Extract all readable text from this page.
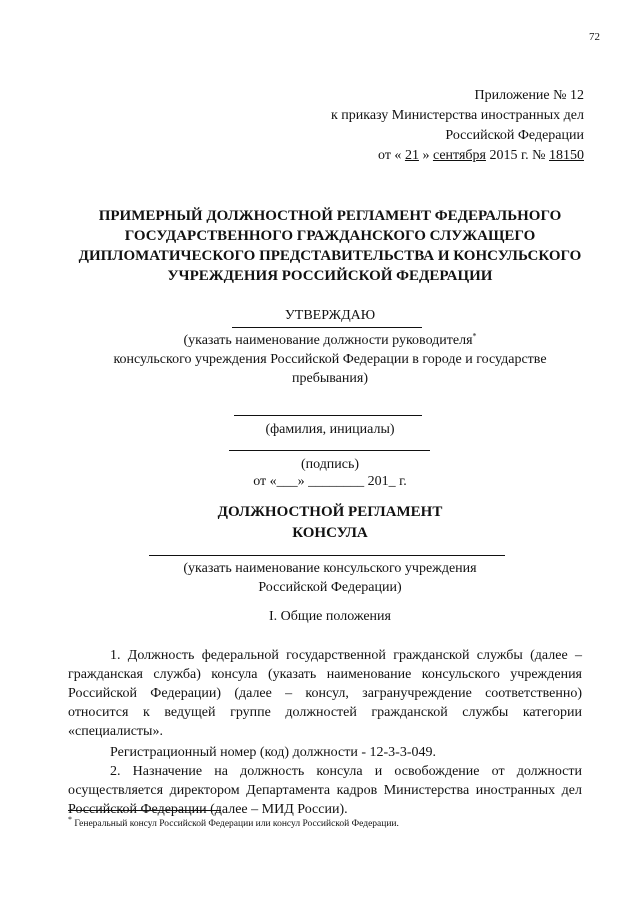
72
Приложение № 12
к приказу Министерства иностранных дел
Российской Федерации
от « 21 » сентября 2015 г. № 18150
ПРИМЕРНЫЙ ДОЛЖНОСТНОЙ РЕГЛАМЕНТ ФЕДЕРАЛЬНОГО
ГОСУДАРСТВЕННОГО ГРАЖДАНСКОГО СЛУЖАЩЕГО
ДИПЛОМАТИЧЕСКОГО ПРЕДСТАВИТЕЛЬСТВА И КОНСУЛЬСКОГО
УЧРЕЖДЕНИЯ РОССИЙСКОЙ ФЕДЕРАЦИИ
УТВЕРЖДАЮ
(указать наименование должности руководителя*
консульского учреждения Российской Федерации в городе и государстве
пребывания)
(фамилия, инициалы)
(подпись)
от «___» ________ 201_ г.
ДОЛЖНОСТНОЙ РЕГЛАМЕНТ
КОНСУЛА
(указать наименование консульского учреждения
Российской Федерации)
I. Общие положения
1. Должность федеральной государственной гражданской службы (далее – гражданская служба) консула (указать наименование консульского учреждения Российской Федерации) (далее – консул, загранучреждение соответственно) относится к ведущей группе должностей гражданской службы категории «специалисты».
Регистрационный номер (код) должности - 12-3-3-049.
2. Назначение на должность консула и освобождение от должности осуществляется директором Департамента кадров Министерства иностранных дел Российской Федерации (далее – МИД России).
* Генеральный консул Российской Федерации или консул Российской Федерации.
